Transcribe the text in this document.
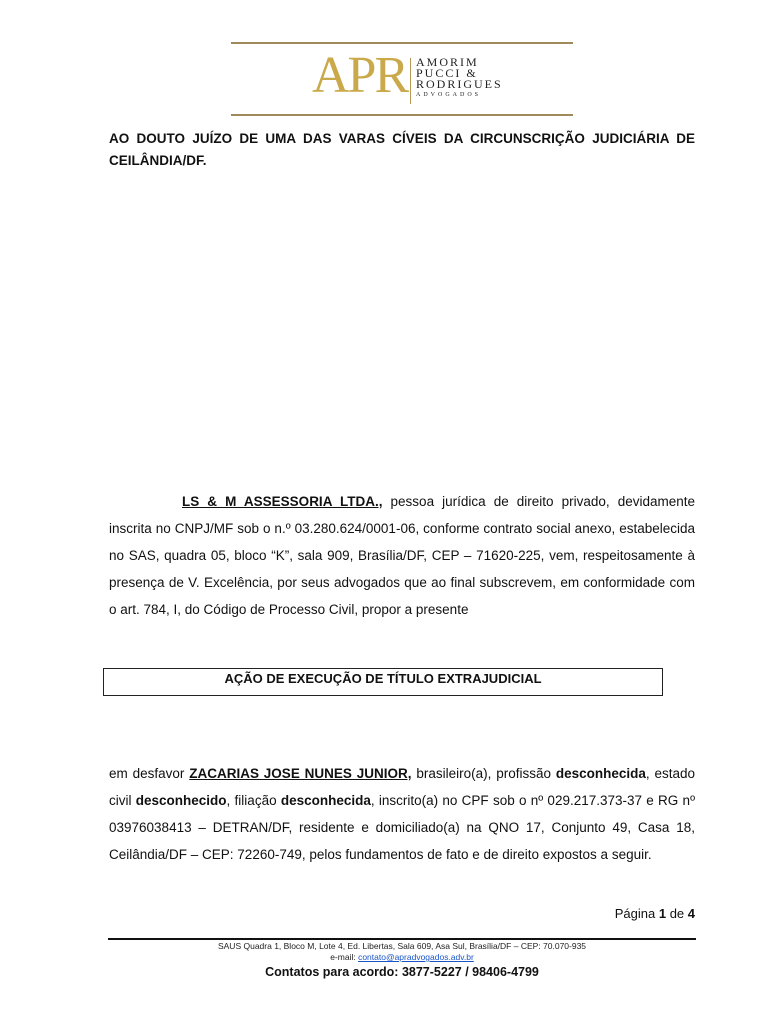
APR AMORIM
PUCCI &
RODRIGUES
ADVOGADOS
AO DOUTO JUÍZO DE UMA DAS VARAS CÍVEIS DA CIRCUNSCRIÇÃO JUDICIÁRIA DE CEILÂNDIA/DF.
LS & M ASSESSORIA LTDA., pessoa jurídica de direito privado, devidamente inscrita no CNPJ/MF sob o n.º 03.280.624/0001-06, conforme contrato social anexo, estabelecida no SAS, quadra 05, bloco “K”, sala 909, Brasília/DF, CEP – 71620-225, vem, respeitosamente à presença de V. Excelência, por seus advogados que ao final subscrevem, em conformidade com o art. 784, I, do Código de Processo Civil, propor a presente
AÇÃO DE EXECUÇÃO DE TÍTULO EXTRAJUDICIAL
em desfavor ZACARIAS JOSE NUNES JUNIOR, brasileiro(a), profissão desconhecida, estado civil desconhecido, filiação desconhecida, inscrito(a) no CPF sob o nº 029.217.373-37 e RG nº 03976038413 – DETRAN/DF, residente e domiciliado(a) na QNO 17, Conjunto 49, Casa 18, Ceilândia/DF – CEP: 72260-749, pelos fundamentos de fato e de direito expostos a seguir.
Página 1 de 4
SAUS Quadra 1, Bloco M, Lote 4, Ed. Libertas, Sala 609, Asa Sul, Brasília/DF – CEP: 70.070-935
e-mail: contato@apradvogados.adv.br
Contatos para acordo: 3877-5227 / 98406-4799
